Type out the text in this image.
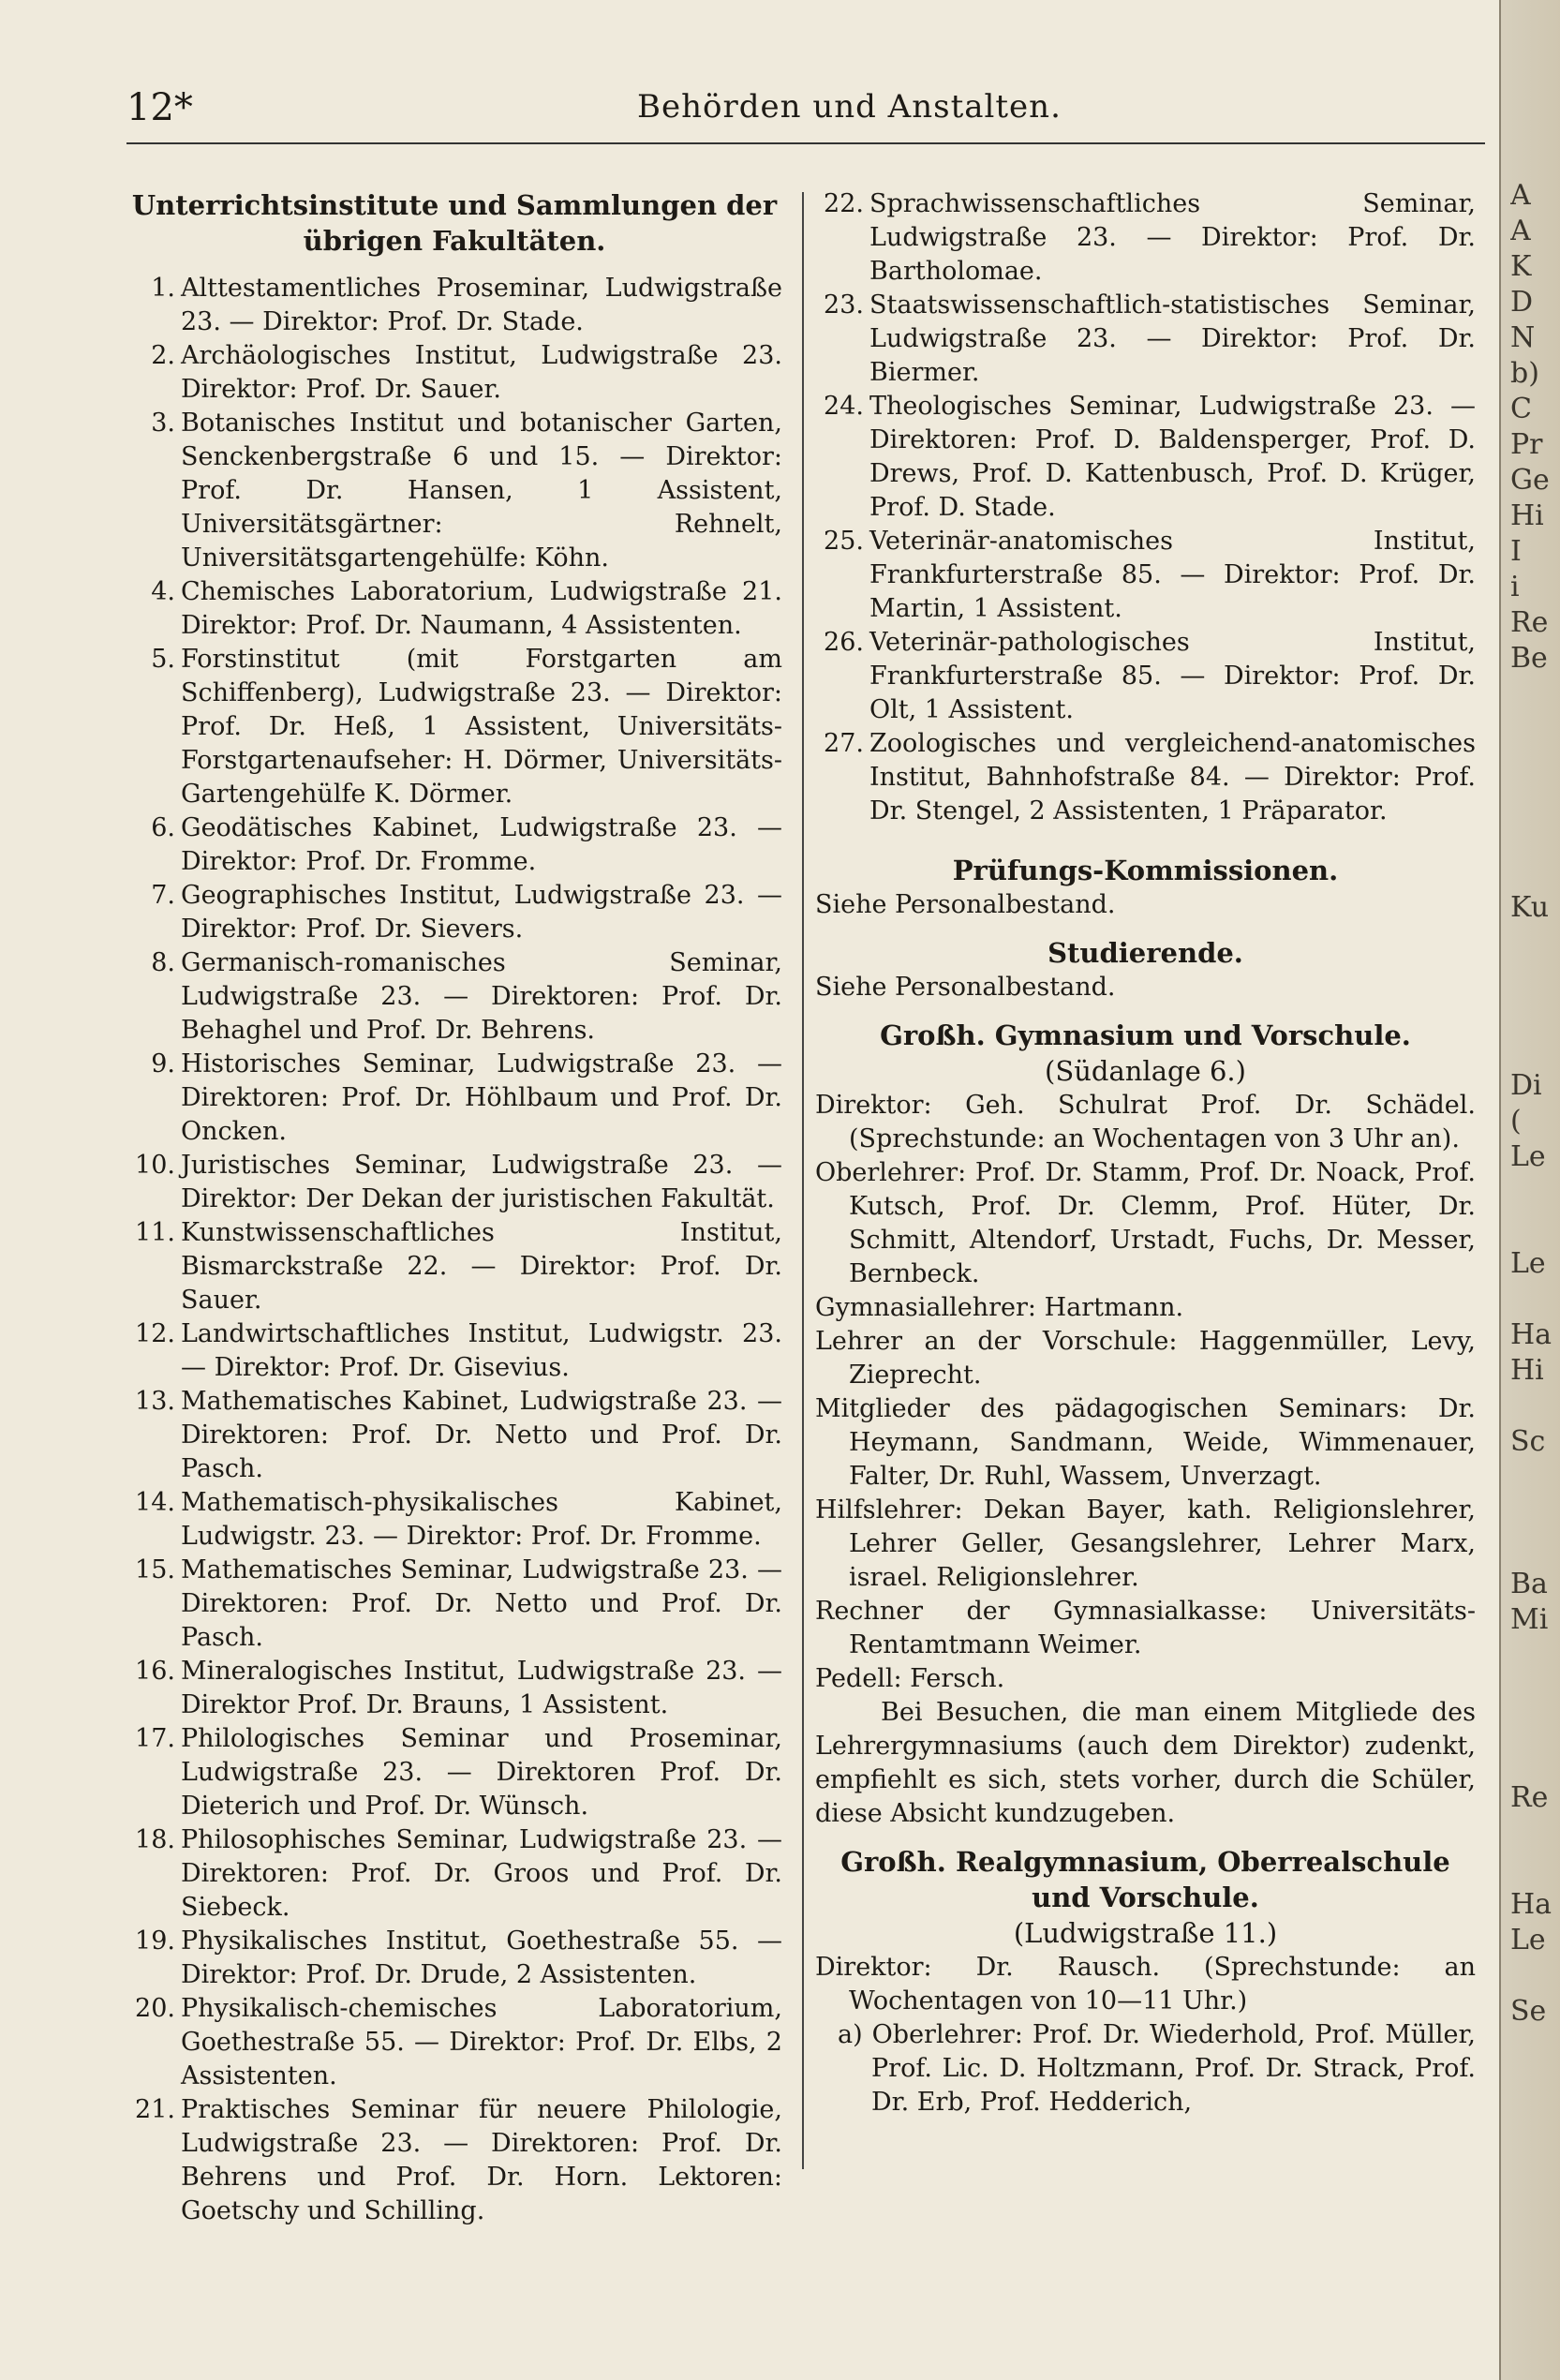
12*	Behörden und Anstalten.

Unterrichtsinstitute und Sammlungen der übrigen Fakultäten.

1. Alttestamentliches Proseminar, Ludwigstraße 23. — Direktor: Prof. Dr. Stade.

2. Archäologisches Institut, Ludwigstraße 23. Direktor: Prof. Dr. Sauer.

3. Botanisches Institut und botanischer Garten, Senckenbergstraße 6 und 15. — Direktor: Prof. Dr. Hansen, 1 Assistent, Universitätsgärtner: Rehnelt, Universitätsgartengehülfe: Köhn.

4. Chemisches Laboratorium, Ludwigstraße 21. Direktor: Prof. Dr. Naumann, 4 Assistenten.

5. Forstinstitut (mit Forstgarten am Schiffenberg), Ludwigstraße 23. — Direktor: Prof. Dr. Heß, 1 Assistent, Universitäts-Forstgartenaufseher: H. Dörmer, Universitäts-Gartengehülfe K. Dörmer.

6. Geodätisches Kabinet, Ludwigstraße 23. — Direktor: Prof. Dr. Fromme.

7. Geographisches Institut, Ludwigstraße 23. — Direktor: Prof. Dr. Sievers.

8. Germanisch-romanisches Seminar, Ludwigstraße 23. — Direktoren: Prof. Dr. Behaghel und Prof. Dr. Behrens.

9. Historisches Seminar, Ludwigstraße 23. — Direktoren: Prof. Dr. Höhlbaum und Prof. Dr. Oncken.

10. Juristisches Seminar, Ludwigstraße 23. — Direktor: Der Dekan der juristischen Fakultät.

11. Kunstwissenschaftliches Institut, Bismarckstraße 22. — Direktor: Prof. Dr. Sauer.

12. Landwirtschaftliches Institut, Ludwigstr. 23. — Direktor: Prof. Dr. Gisevius.

13. Mathematisches Kabinet, Ludwigstraße 23. — Direktoren: Prof. Dr. Netto und Prof. Dr. Pasch.

14. Mathematisch-physikalisches Kabinet, Ludwigstr. 23. — Direktor: Prof. Dr. Fromme.

15. Mathematisches Seminar, Ludwigstraße 23. — Direktoren: Prof. Dr. Netto und Prof. Dr. Pasch.

16. Mineralogisches Institut, Ludwigstraße 23. — Direktor Prof. Dr. Brauns, 1 Assistent.

17. Philologisches Seminar und Proseminar, Ludwigstraße 23. — Direktoren Prof. Dr. Dieterich und Prof. Dr. Wünsch.

18. Philosophisches Seminar, Ludwigstraße 23. — Direktoren: Prof. Dr. Groos und Prof. Dr. Siebeck.

19. Physikalisches Institut, Goethestraße 55. — Direktor: Prof. Dr. Drude, 2 Assistenten.

20. Physikalisch-chemisches Laboratorium, Goethestraße 55. — Direktor: Prof. Dr. Elbs, 2 Assistenten.

21. Praktisches Seminar für neuere Philologie, Ludwigstraße 23. — Direktoren: Prof. Dr. Behrens und Prof. Dr. Horn. Lektoren: Goetschy und Schilling.

22. Sprachwissenschaftliches Seminar, Ludwigstraße 23. — Direktor: Prof. Dr. Bartholomae.

23. Staatswissenschaftlich-statistisches Seminar, Ludwigstraße 23. — Direktor: Prof. Dr. Biermer.

24. Theologisches Seminar, Ludwigstraße 23. — Direktoren: Prof. D. Baldensperger, Prof. D. Drews, Prof. D. Kattenbusch, Prof. D. Krüger, Prof. D. Stade.

25. Veterinär-anatomisches Institut, Frankfurterstraße 85. — Direktor: Prof. Dr. Martin, 1 Assistent.

26. Veterinär-pathologisches Institut, Frankfurterstraße 85. — Direktor: Prof. Dr. Olt, 1 Assistent.

27. Zoologisches und vergleichend-anatomisches Institut, Bahnhofstraße 84. — Direktor: Prof. Dr. Stengel, 2 Assistenten, 1 Präparator.

Prüfungs-Kommissionen.

Siehe Personalbestand.

Studierende.

Siehe Personalbestand.

Großh. Gymnasium und Vorschule.

(Südanlage 6.)

Direktor: Geh. Schulrat Prof. Dr. Schädel. (Sprechstunde: an Wochentagen von 3 Uhr an).

Oberlehrer: Prof. Dr. Stamm, Prof. Dr. Noack, Prof. Kutsch, Prof. Dr. Clemm, Prof. Hüter, Dr. Schmitt, Altendorf, Urstadt, Fuchs, Dr. Messer, Bernbeck.

Gymnasiallehrer: Hartmann.

Lehrer an der Vorschule: Haggenmüller, Levy, Zieprecht.

Mitglieder des pädagogischen Seminars: Dr. Heymann, Sandmann, Weide, Wimmenauer, Falter, Dr. Ruhl, Wassem, Unverzagt.

Hilfslehrer: Dekan Bayer, kath. Religionslehrer, Lehrer Geller, Gesangslehrer, Lehrer Marx, israel. Religionslehrer.

Rechner der Gymnasialkasse: Universitäts-Rentamtmann Weimer.

Pedell: Fersch.

Bei Besuchen, die man einem Mitgliede des Lehrergymnasiums (auch dem Direktor) zudenkt, empfiehlt es sich, stets vorher, durch die Schüler, diese Absicht kundzugeben.

Großh. Realgymnasium, Oberrealschule und Vorschule.

(Ludwigstraße 11.)

Direktor: Dr. Rausch. (Sprechstunde: an Wochentagen von 10—11 Uhr.)

a) Oberlehrer: Prof. Dr. Wiederhold, Prof. Müller, Prof. Lic. D. Holtzmann, Prof. Dr. Strack, Prof. Dr. Erb, Prof. Hedderich,

A
A
K
D
N
b)
C
Pr
Ge
Hi
I
i
Re
Be
Ku
Di
(
Le
Le
Ha
Hi
Sc
Ba
Mi
Re
Ha
Le
Se
